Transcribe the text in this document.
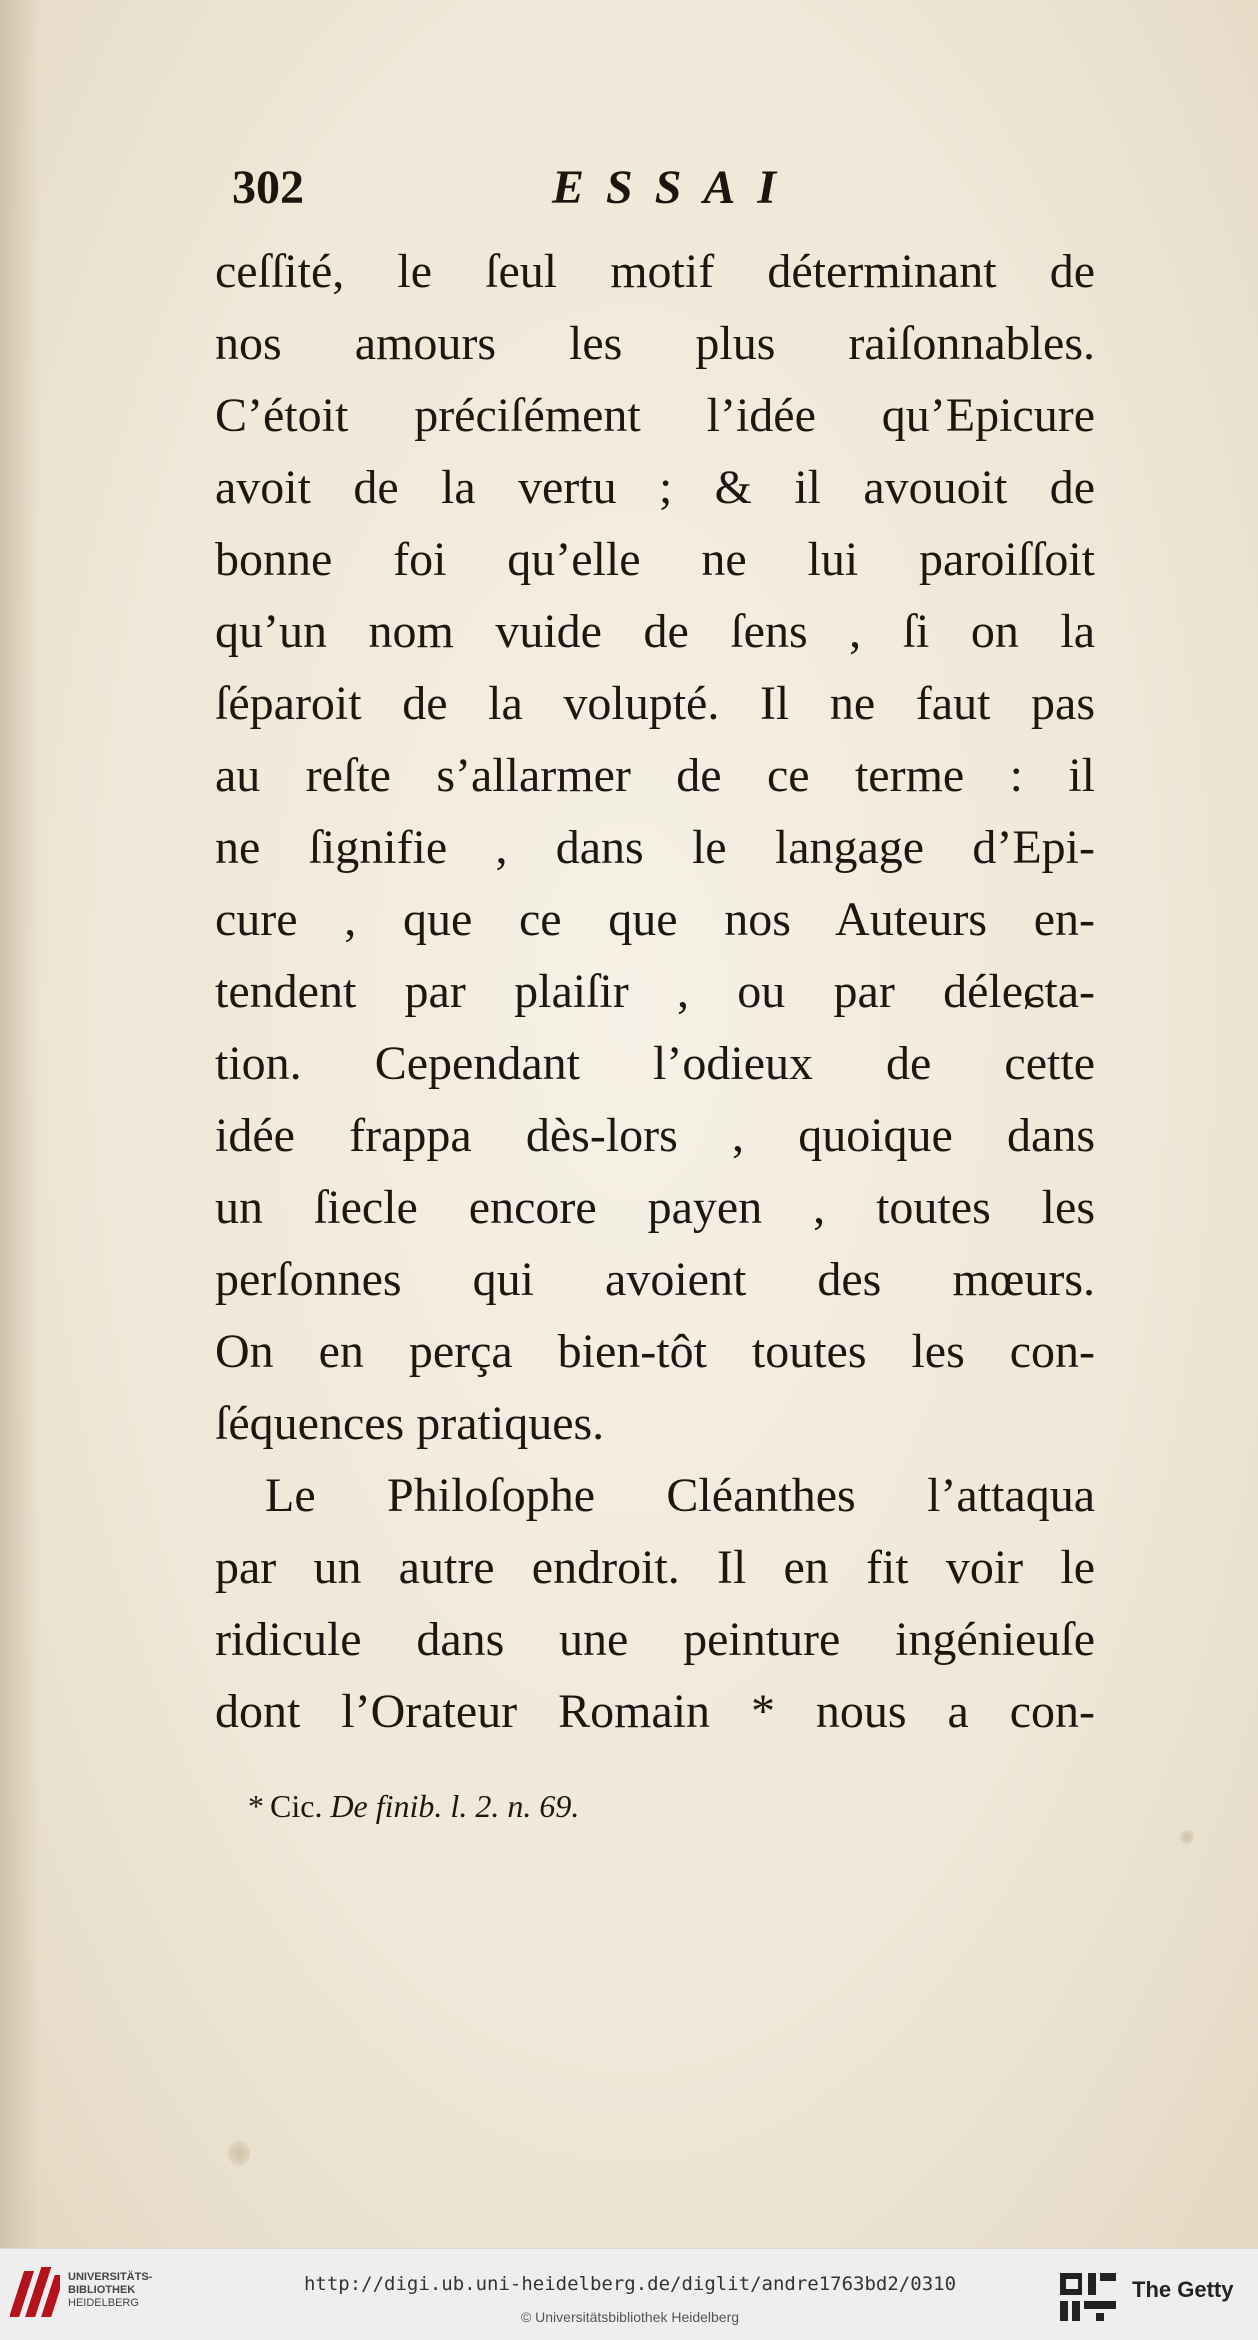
302	ESSAI
ceſſité, le ſeul motif déterminant de
nos amours les plus raiſonnables.
C’étoit préciſément l’idée qu’Epicure
avoit de la vertu ; & il avouoit de
bonne foi qu’elle ne lui paroiſſoit
qu’un nom vuide de ſens , ſi on la
ſéparoit de la volupté. Il ne faut pas
au reſte s’allarmer de ce terme : il
ne ſignifie , dans le langage d’Epi-
cure , que ce que nos Auteurs en-
tendent par plaiſir , ou par déleɕta-
tion. Cependant l’odieux de cette
idée frappa dès-lors , quoique dans
un ſiecle encore payen , toutes les
perſonnes qui avoient des mœurs.
On en perça bien-tôt toutes les con-
ſéquences pratiques.
Le Philoſophe Cléanthes l’attaqua
par un autre endroit. Il en fit voir le
ridicule dans une peinture ingénieuſe
dont l’Orateur Romain * nous a con-
* Cic. De finib. l. 2. n. 69.
UNIVERSITÄTS-
BIBLIOTHEK
HEIDELBERG
http://digi.ub.uni-heidelberg.de/diglit/andre1763bd2/0310
© Universitätsbibliothek Heidelberg
The Getty
